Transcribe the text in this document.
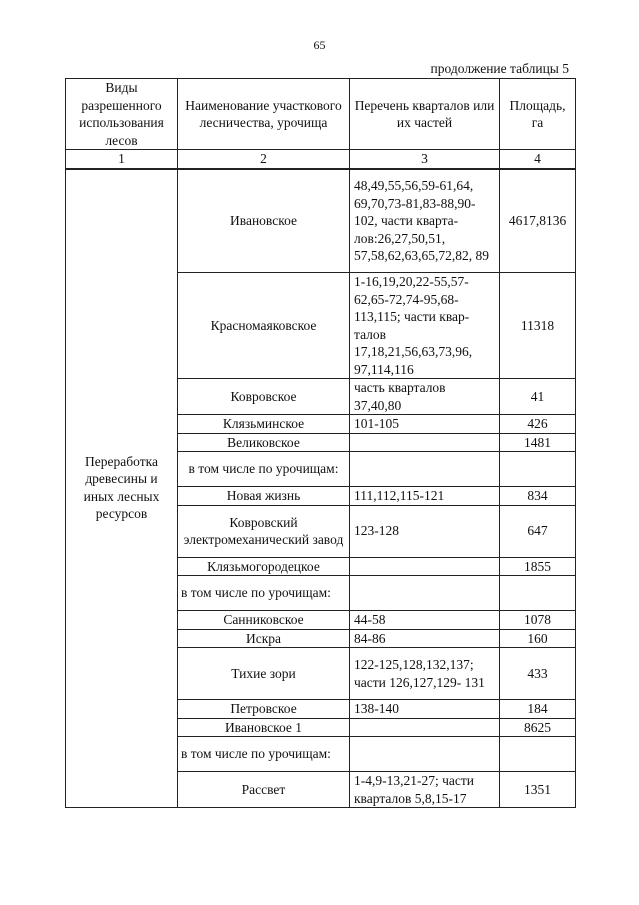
65
продолжение таблицы 5
Виды разрешенного использования лесов	Наименование участкового лесничества, урочища	Перечень кварталов или их частей	Площадь, га
1	2	3	4
Переработка древесины и иных лесных ресурсов	Ивановское	48,49,55,56,59-61,64, 69,70,73-81,83-88,90- 102, части кварта- лов:26,27,50,51, 57,58,62,63,65,72,82, 89	4617,8136
	Красномаяковское	1-16,19,20,22-55,57- 62,65-72,74-95,68- 113,115; части квар- талов 17,18,21,56,63,73,96, 97,114,116	11318
	Ковровское	часть кварталов 37,40,80	41
	Клязьминское	101-105	426
	Великовское		1481
	в том числе по урочищам:		
	Новая жизнь	111,112,115-121	834
	Ковровский электромеханический завод	123-128	647
	Клязьмогородецкое		1855
	в том числе по урочищам:		
	Санниковское	44-58	1078
	Искра	84-86	160
	Тихие зори	122-125,128,132,137; части 126,127,129- 131	433
	Петровское	138-140	184
	Ивановское 1		8625
	в том числе по урочищам:		
	Рассвет	1-4,9-13,21-27; части кварталов 5,8,15-17	1351
